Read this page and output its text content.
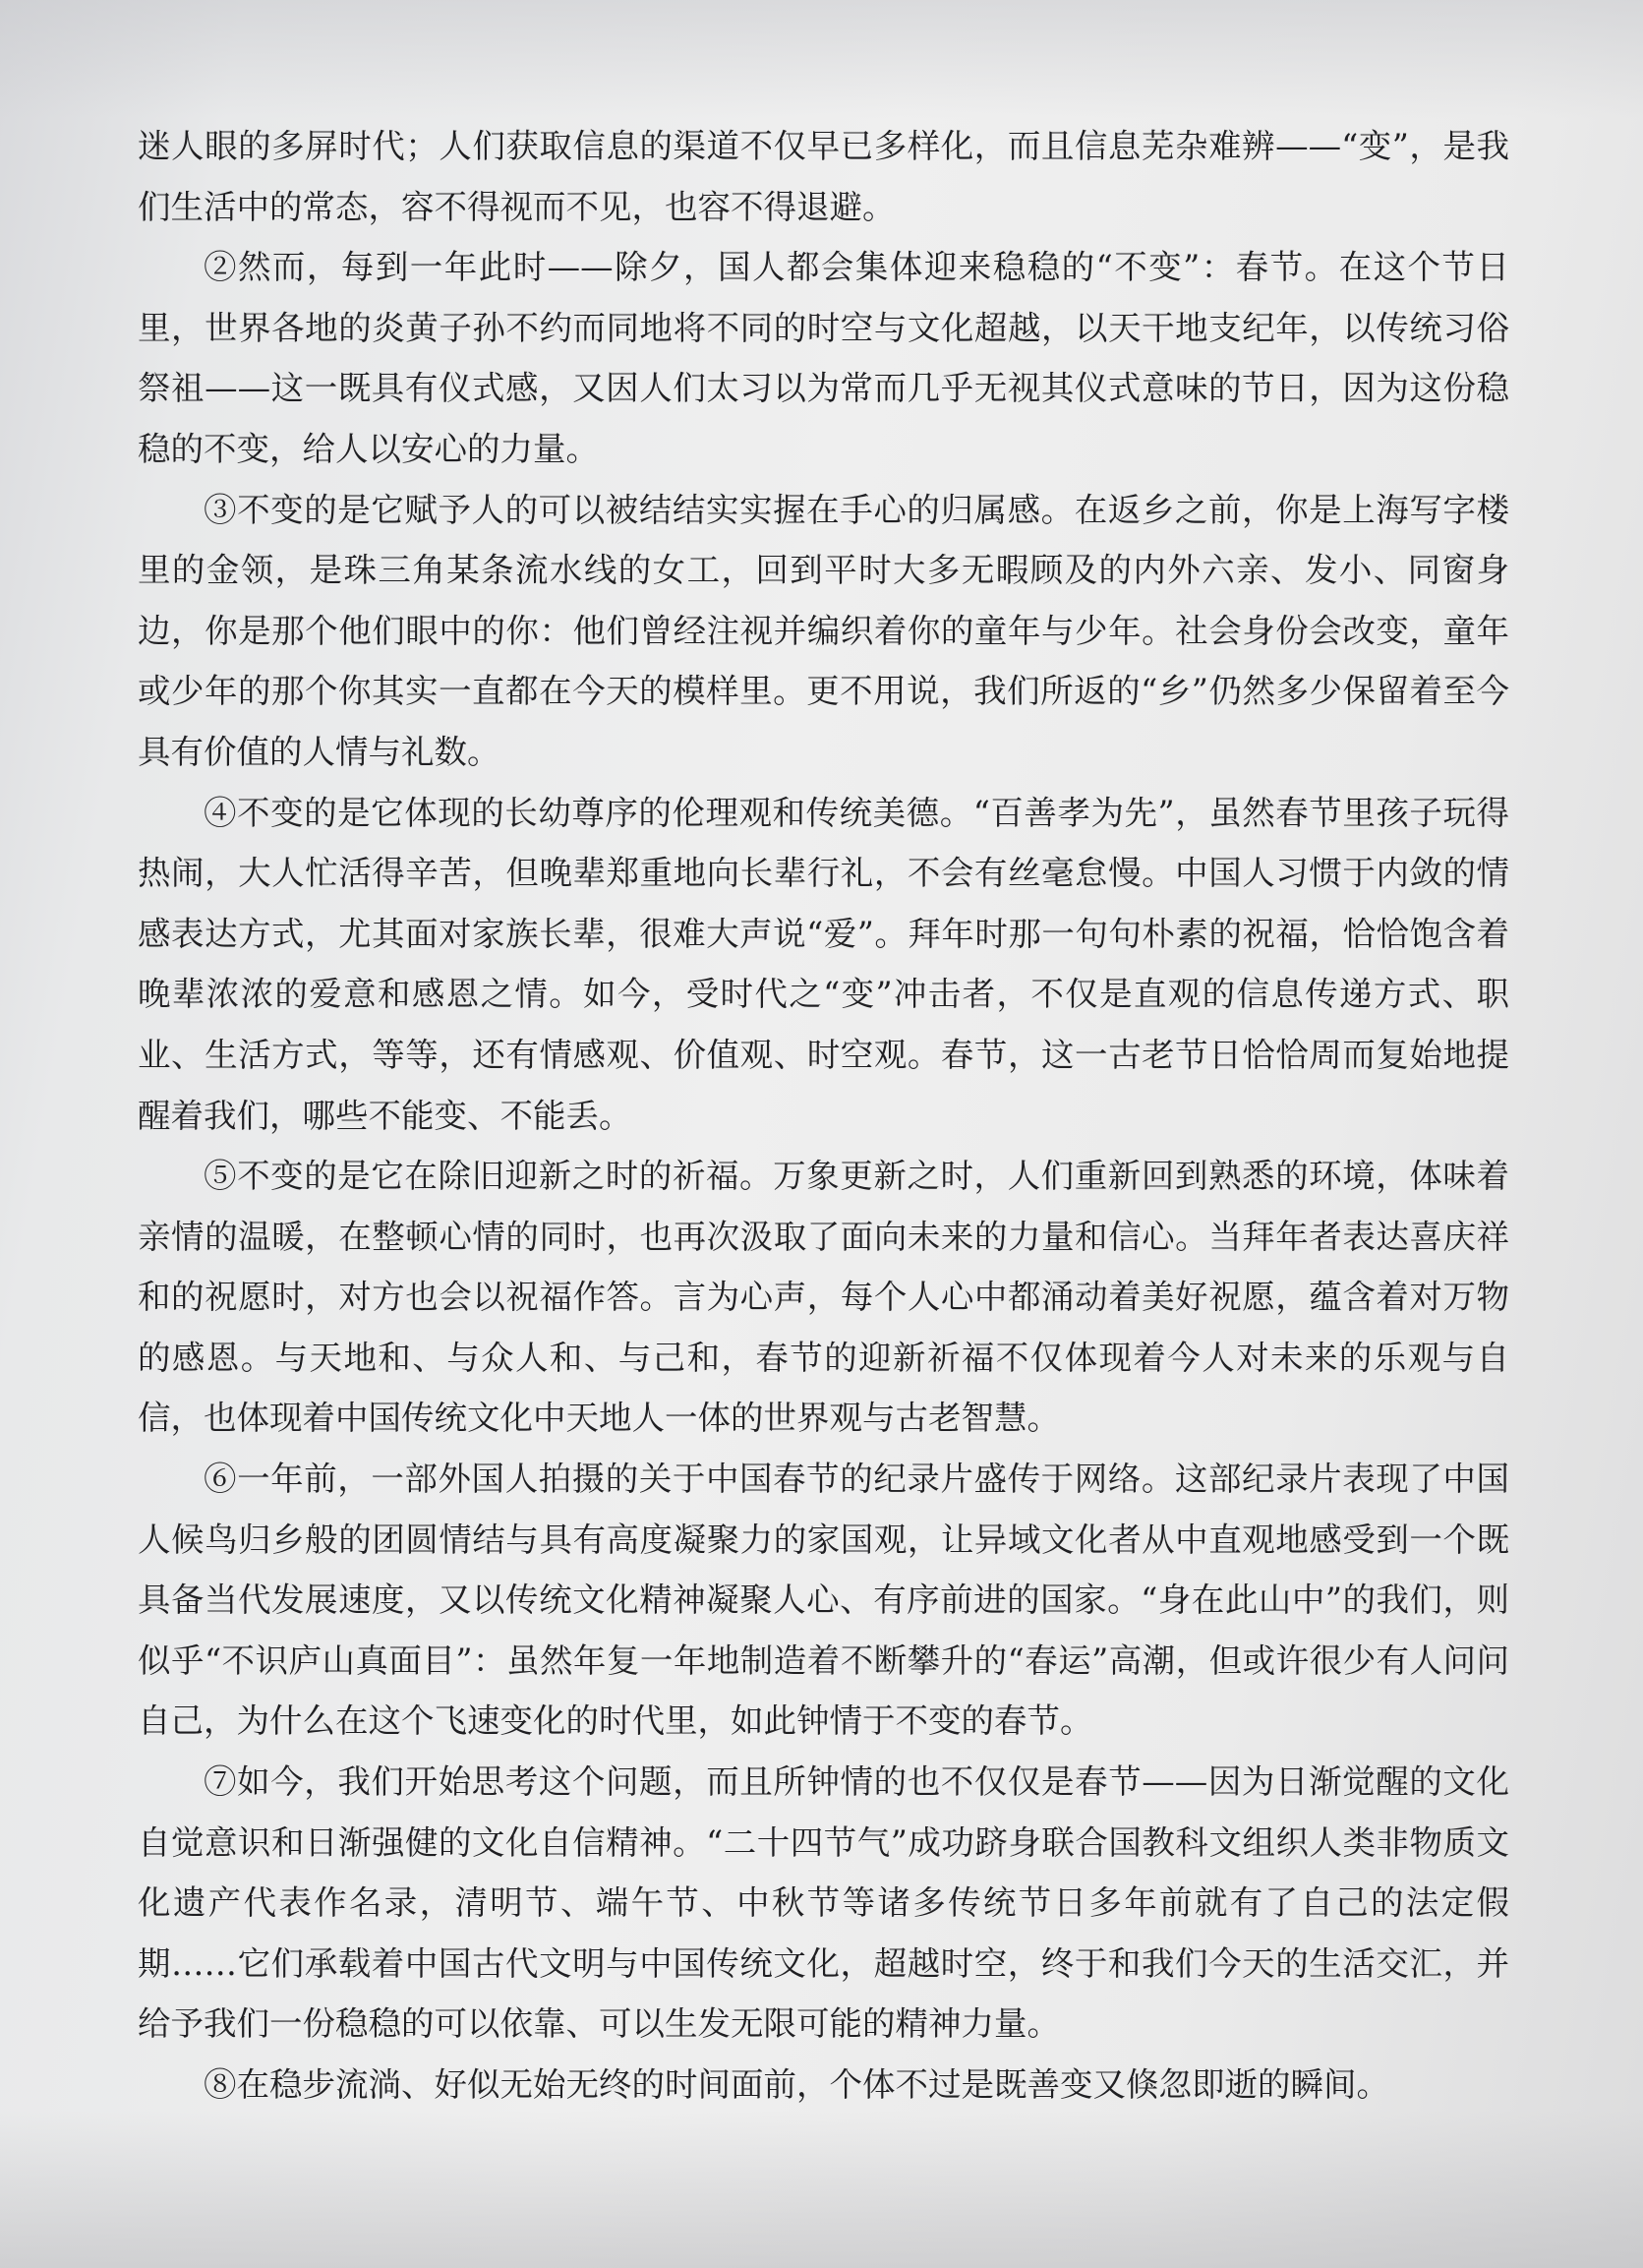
迷人眼的多屏时代；人们获取信息的渠道不仅早已多样化，而且信息芜杂难辨——“变”，是我们生活中的常态，容不得视而不见，也容不得退避。

②然而，每到一年此时——除夕，国人都会集体迎来稳稳的“不变”：春节。在这个节日里，世界各地的炎黄子孙不约而同地将不同的时空与文化超越，以天干地支纪年，以传统习俗祭祖——这一既具有仪式感，又因人们太习以为常而几乎无视其仪式意味的节日，因为这份稳稳的不变，给人以安心的力量。

③不变的是它赋予人的可以被结结实实握在手心的归属感。在返乡之前，你是上海写字楼里的金领，是珠三角某条流水线的女工，回到平时大多无暇顾及的内外六亲、发小、同窗身边，你是那个他们眼中的你：他们曾经注视并编织着你的童年与少年。社会身份会改变，童年或少年的那个你其实一直都在今天的模样里。更不用说，我们所返的“乡”仍然多少保留着至今具有价值的人情与礼数。

④不变的是它体现的长幼尊序的伦理观和传统美德。“百善孝为先”，虽然春节里孩子玩得热闹，大人忙活得辛苦，但晚辈郑重地向长辈行礼，不会有丝毫怠慢。中国人习惯于内敛的情感表达方式，尤其面对家族长辈，很难大声说“爱”。拜年时那一句句朴素的祝福，恰恰饱含着晚辈浓浓的爱意和感恩之情。如今，受时代之“变”冲击者，不仅是直观的信息传递方式、职业、生活方式，等等，还有情感观、价值观、时空观。春节，这一古老节日恰恰周而复始地提醒着我们，哪些不能变、不能丢。

⑤不变的是它在除旧迎新之时的祈福。万象更新之时，人们重新回到熟悉的环境，体味着亲情的温暖，在整顿心情的同时，也再次汲取了面向未来的力量和信心。当拜年者表达喜庆祥和的祝愿时，对方也会以祝福作答。言为心声，每个人心中都涌动着美好祝愿，蕴含着对万物的感恩。与天地和、与众人和、与己和，春节的迎新祈福不仅体现着今人对未来的乐观与自信，也体现着中国传统文化中天地人一体的世界观与古老智慧。

⑥一年前，一部外国人拍摄的关于中国春节的纪录片盛传于网络。这部纪录片表现了中国人候鸟归乡般的团圆情结与具有高度凝聚力的家国观，让异域文化者从中直观地感受到一个既具备当代发展速度，又以传统文化精神凝聚人心、有序前进的国家。“身在此山中”的我们，则似乎“不识庐山真面目”：虽然年复一年地制造着不断攀升的“春运”高潮，但或许很少有人问问自己，为什么在这个飞速变化的时代里，如此钟情于不变的春节。

⑦如今，我们开始思考这个问题，而且所钟情的也不仅仅是春节——因为日渐觉醒的文化自觉意识和日渐强健的文化自信精神。“二十四节气”成功跻身联合国教科文组织人类非物质文化遗产代表作名录，清明节、端午节、中秋节等诸多传统节日多年前就有了自己的法定假期……它们承载着中国古代文明与中国传统文化，超越时空，终于和我们今天的生活交汇，并给予我们一份稳稳的可以依靠、可以生发无限可能的精神力量。

⑧在稳步流淌、好似无始无终的时间面前，个体不过是既善变又倏忽即逝的瞬间。
